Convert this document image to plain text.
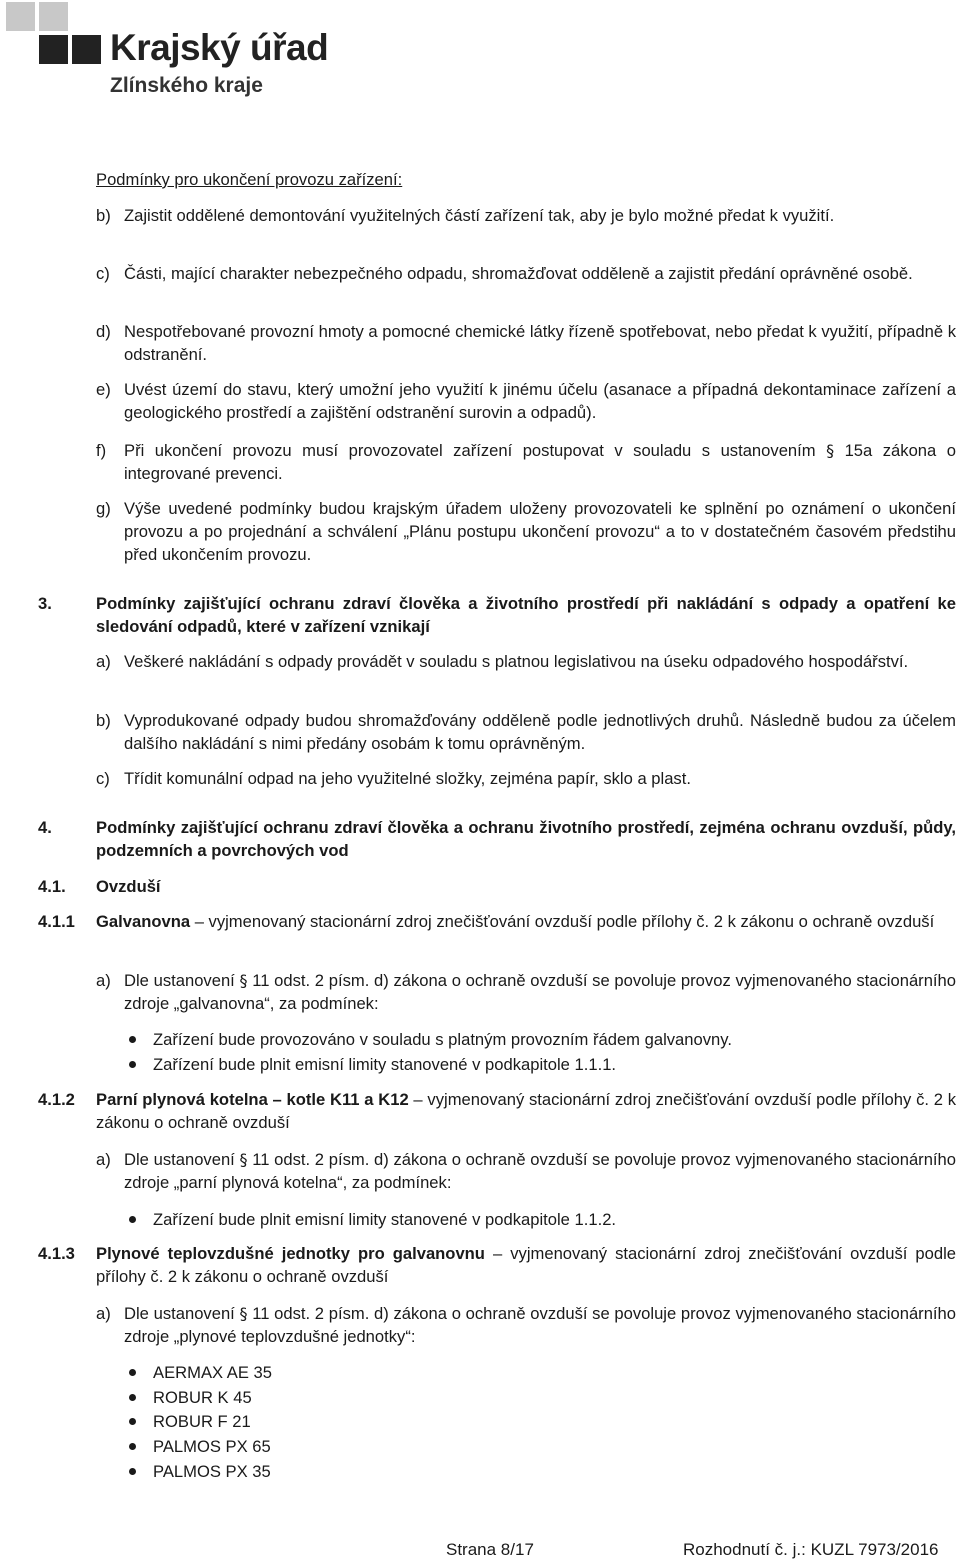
Krajský úřad
Zlínského kraje
Podmínky pro ukončení provozu zařízení:
b) Zajistit oddělené demontování využitelných částí zařízení tak, aby je bylo možné předat k využití.
c) Části, mající charakter nebezpečného odpadu, shromažďovat odděleně a zajistit předání oprávněné osobě.
d) Nespotřebované provozní hmoty a pomocné chemické látky řízeně spotřebovat, nebo předat k využití, případně k odstranění.
e) Uvést území do stavu, který umožní jeho využití k jinému účelu (asanace a případná dekontaminace zařízení a geologického prostředí a zajištění odstranění surovin a odpadů).
f) Při ukončení provozu musí provozovatel zařízení postupovat v souladu s ustanovením § 15a zákona o integrované prevenci.
g) Výše uvedené podmínky budou krajským úřadem uloženy provozovateli ke splnění po oznámení o ukončení provozu a po projednání a schválení „Plánu postupu ukončení provozu“ a to v dostatečném časovém předstihu před ukončením provozu.
3.	Podmínky zajišťující ochranu zdraví člověka a životního prostředí při nakládání s odpady a opatření ke sledování odpadů, které v zařízení vznikají
a) Veškeré nakládání s odpady provádět v souladu s platnou legislativou na úseku odpadového hospodářství.
b) Vyprodukované odpady budou shromažďovány odděleně podle jednotlivých druhů. Následně budou za účelem dalšího nakládání s nimi předány osobám k tomu oprávněným.
c) Třídit komunální odpad na jeho využitelné složky, zejména papír, sklo a plast.
4.	Podmínky zajišťující ochranu zdraví člověka a ochranu životního prostředí, zejména ochranu ovzduší, půdy, podzemních a povrchových vod
4.1. Ovzduší
4.1.1 Galvanovna – vyjmenovaný stacionární zdroj znečišťování ovzduší podle přílohy č. 2 k zákonu o ochraně ovzduší
a) Dle ustanovení § 11 odst. 2 písm. d) zákona o ochraně ovzduší se povoluje provoz vyjmenovaného stacionárního zdroje „galvanovna“, za podmínek:
Zařízení bude provozováno v souladu s platným provozním řádem galvanovny.
Zařízení bude plnit emisní limity stanovené v podkapitole 1.1.1.
4.1.2 Parní plynová kotelna – kotle K11 a K12 – vyjmenovaný stacionární zdroj znečišťování ovzduší podle přílohy č. 2 k zákonu o ochraně ovzduší
a) Dle ustanovení § 11 odst. 2 písm. d) zákona o ochraně ovzduší se povoluje provoz vyjmenovaného stacionárního zdroje „parní plynová kotelna“, za podmínek:
Zařízení bude plnit emisní limity stanovené v podkapitole 1.1.2.
4.1.3 Plynové teplovzdušné jednotky pro galvanovnu – vyjmenovaný stacionární zdroj znečišťování ovzduší podle přílohy č. 2 k zákonu o ochraně ovzduší
a) Dle ustanovení § 11 odst. 2 písm. d) zákona o ochraně ovzduší se povoluje provoz vyjmenovaného stacionárního zdroje „plynové teplovzdušné jednotky“:
AERMAX AE 35
ROBUR K 45
ROBUR F 21
PALMOS PX 65
PALMOS PX 35
Strana 8/17	Rozhodnutí č. j.: KUZL 7973/2016
